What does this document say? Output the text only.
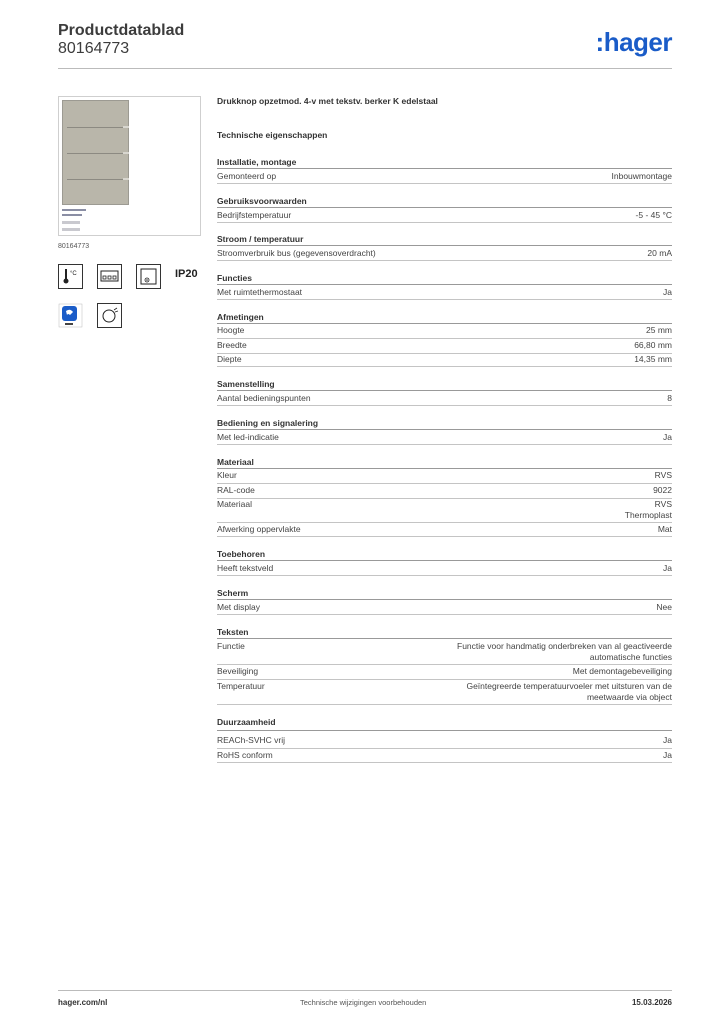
Productdatablad
80164773	:hager
80164773
°C	IP20
Drukknop opzetmod. 4-v met tekstv. berker K edelstaal
Technische eigenschappen
Installatie, montage
Gemonteerd op	Inbouwmontage
Gebruiksvoorwaarden
Bedrijfstemperatuur	-5 - 45 °C
Stroom / temperatuur
Stroomverbruik bus (gegevensoverdracht)	20 mA
Functies
Met ruimtethermostaat	Ja
Afmetingen
Hoogte	25 mm
Breedte	66,80 mm
Diepte	14,35 mm
Samenstelling
Aantal bedieningspunten	8
Bediening en signalering
Met led-indicatie	Ja
Materiaal
Kleur	RVS
RAL-code	9022
Materiaal	RVS
Thermoplast
Afwerking oppervlakte	Mat
Toebehoren
Heeft tekstveld	Ja
Scherm
Met display	Nee
Teksten
Functie	Functie voor handmatig onderbreken van al geactiveerde
automatische functies
Beveiliging	Met demontagebeveiliging
Temperatuur	Geïntegreerde temperatuurvoeler met uitsturen van de
meetwaarde via object
Duurzaamheid
REACh-SVHC vrij	Ja
RoHS conform	Ja
hager.com/nl	Technische wijzigingen voorbehouden	15.03.2026
